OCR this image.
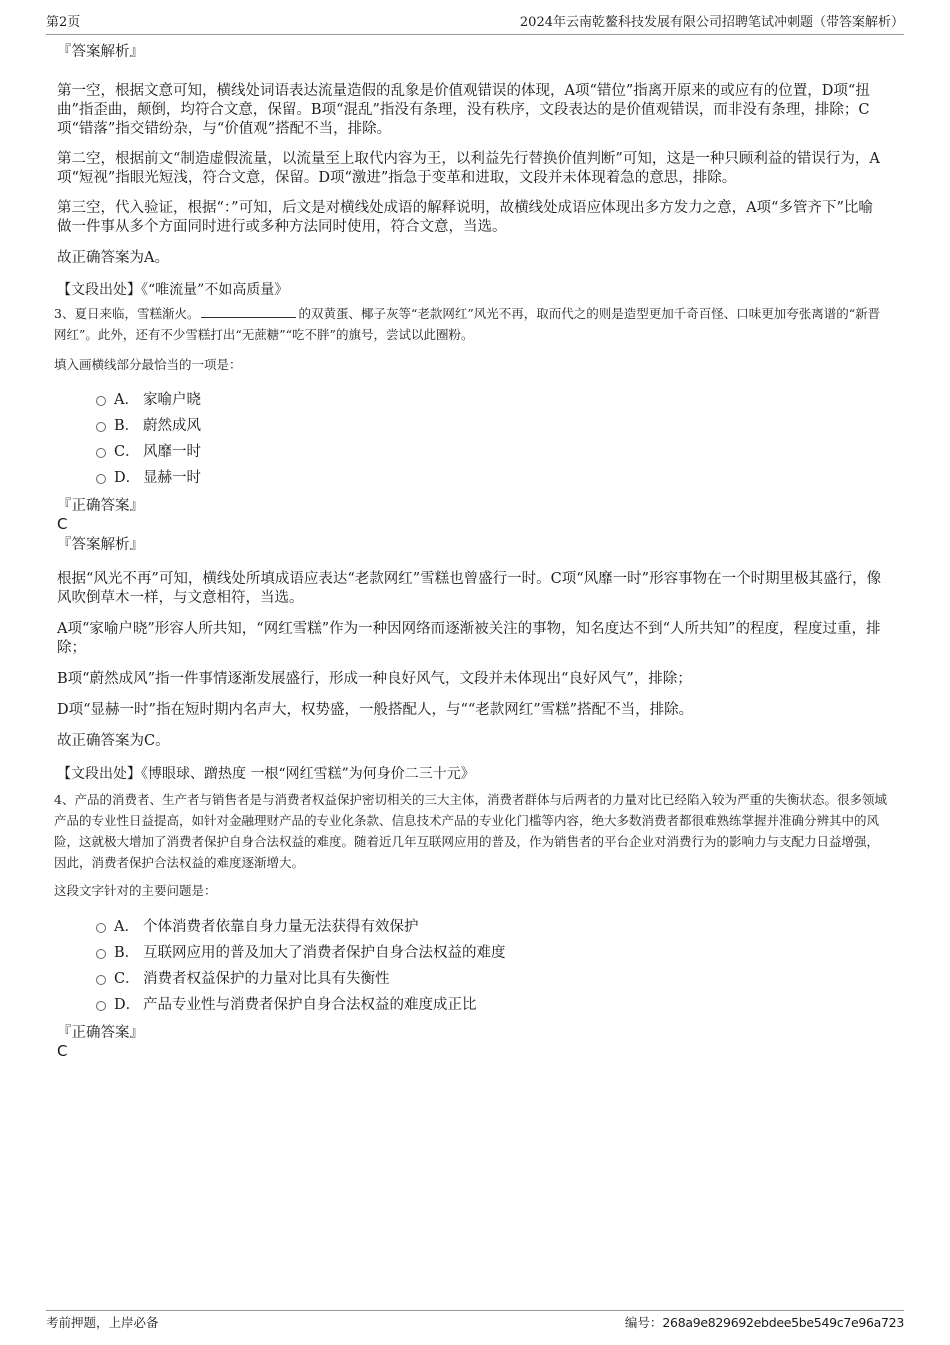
第2页	2024年云南乾鳌科技发展有限公司招聘笔试冲刺题（带答案解析）

『答案解析』

第一空，根据文意可知，横线处词语表达流量造假的乱象是价值观错误的体现，A项“错位”指离开原来的或应有的位置，D项“扭曲”指歪曲，颠倒，均符合文意，保留。B项“混乱”指没有条理，没有秩序，文段表达的是价值观错误，而非没有条理，排除；C项“错落”指交错纷杂，与“价值观”搭配不当，排除。

第二空，根据前文“制造虚假流量，以流量至上取代内容为王，以利益先行替换价值判断”可知，这是一种只顾利益的错误行为，A项“短视”指眼光短浅，符合文意，保留。D项“激进”指急于变革和进取，文段并未体现着急的意思，排除。

第三空，代入验证，根据“：”可知，后文是对横线处成语的解释说明，故横线处成语应体现出多方发力之意，A项“多管齐下”比喻做一件事从多个方面同时进行或多种方法同时使用，符合文意，当选。

故正确答案为A。

【文段出处】《“唯流量”不如高质量》

3、夏日来临，雪糕渐火。	的双黄蛋、椰子灰等“老款网红”风光不再，取而代之的则是造型更加千奇百怪、口味更加夸张离谱的“新晋网红”。此外，还有不少雪糕打出“无蔗糖”“吃不胖”的旗号，尝试以此圈粉。

填入画横线部分最恰当的一项是：

A． 家喻户晓
B． 蔚然成风
C． 风靡一时
D． 显赫一时

『正确答案』

C

『答案解析』

根据“风光不再”可知，横线处所填成语应表达“老款网红”雪糕也曾盛行一时。C项“风靡一时”形容事物在一个时期里极其盛行，像风吹倒草木一样，与文意相符，当选。

A项“家喻户晓”形容人所共知，“网红雪糕”作为一种因网络而逐渐被关注的事物，知名度达不到“人所共知”的程度，程度过重，排除；

B项“蔚然成风”指一件事情逐渐发展盛行，形成一种良好风气，文段并未体现出“良好风气”，排除；

D项“显赫一时”指在短时期内名声大，权势盛，一般搭配人，与““老款网红”雪糕”搭配不当，排除。

故正确答案为C。

【文段出处】《博眼球、蹭热度 一根“网红雪糕”为何身价二三十元》

4、产品的消费者、生产者与销售者是与消费者权益保护密切相关的三大主体，消费者群体与后两者的力量对比已经陷入较为严重的失衡状态。很多领域产品的专业性日益提高，如针对金融理财产品的专业化条款、信息技术产品的专业化门槛等内容，绝大多数消费者都很难熟练掌握并准确分辨其中的风险，这就极大增加了消费者保护自身合法权益的难度。随着近几年互联网应用的普及，作为销售者的平台企业对消费行为的影响力与支配力日益增强，因此，消费者保护合法权益的难度逐渐增大。

这段文字针对的主要问题是：

A． 个体消费者依靠自身力量无法获得有效保护
B． 互联网应用的普及加大了消费者保护自身合法权益的难度
C． 消费者权益保护的力量对比具有失衡性
D． 产品专业性与消费者保护自身合法权益的难度成正比

『正确答案』

C

考前押题，上岸必备	编号：268a9e829692ebdee5be549c7e96a723
